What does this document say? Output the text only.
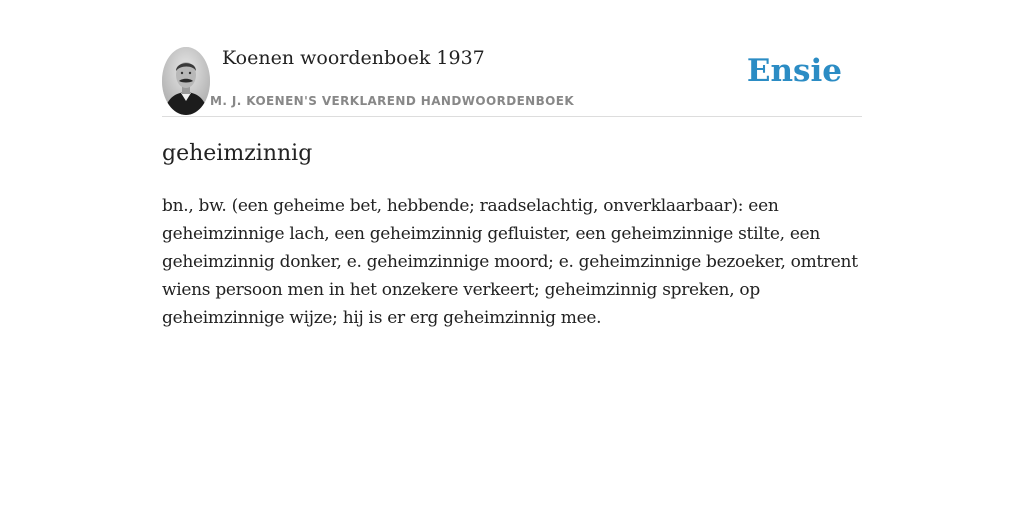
Koenen woordenboek 1937
M. J. KOENEN'S VERKLAREND HANDWOORDENBOEK
Ensie
geheimzinnig

bn., bw. (een geheime bet, hebbende; raadselachtig, onverklaarbaar): een geheimzinnige lach, een geheimzinnig gefluister, een geheimzinnige stilte, een geheimzinnig donker, e. geheimzinnige moord; e. geheimzinnige bezoeker, omtrent wiens persoon men in het onzekere verkeert; geheimzinnig spreken, op geheimzinnige wijze; hij is er erg geheimzinnig mee.
